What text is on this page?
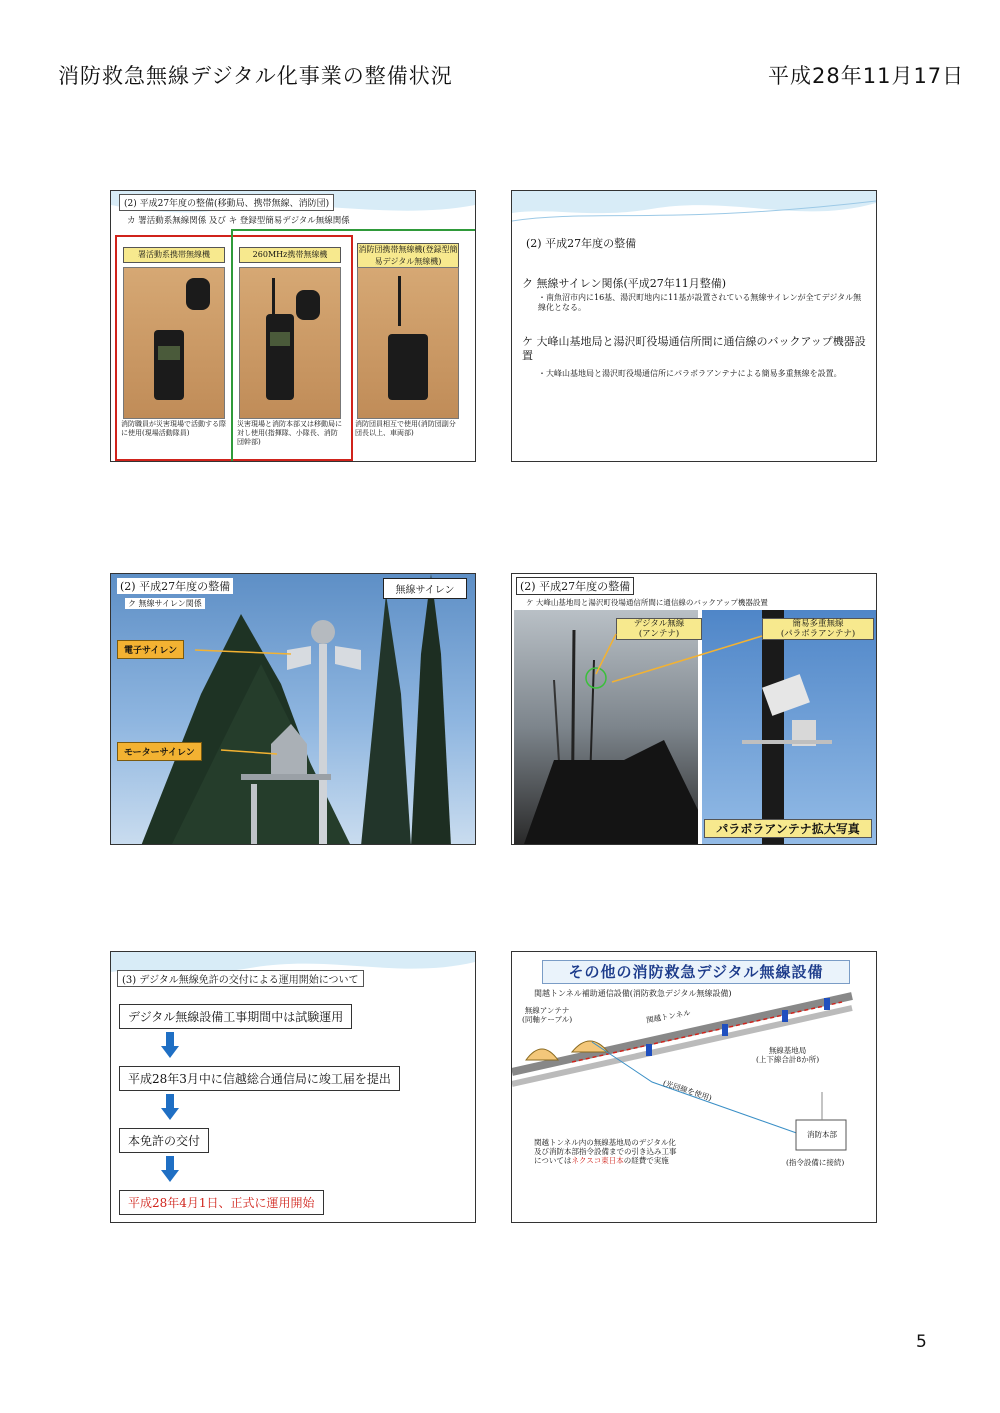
消防救急無線デジタル化事業の整備状況	平成28年11月17日
(2) 平成27年度の整備(移動局、携帯無線、消防団)
カ 署活動系無線関係 及び キ 登録型簡易デジタル無線関係
署活動系携帯無線機
消防職員が災害現場で活動する際に使用(現場活動隊員)
260MHz携帯無線機
災害現場と消防本部又は移動局に対し使用(指揮隊、小隊長、消防団幹部)
消防団携帯無線機(登録型簡易デジタル無線機)
消防団員相互で使用(消防団副分団長以上、車両部)
(2) 平成27年度の整備
ク 無線サイレン関係(平成27年11月整備)
・南魚沼市内に16基、湯沢町地内に11基が設置されている無線サイレンが全てデジタル無線化となる。
ケ 大峰山基地局と湯沢町役場通信所間に通信線のバックアップ機器設置
・大峰山基地局と湯沢町役場通信所にパラボラアンテナによる簡易多重無線を設置。
(2) 平成27年度の整備
ク 無線サイレン関係
無線サイレン
電子サイレン
モーターサイレン
(2) 平成27年度の整備
ケ 大峰山基地局と湯沢町役場通信所間に通信線のバックアップ機器設置
デジタル無線
(アンテナ)
簡易多重無線
(パラボラアンテナ)
パラボラアンテナ拡大写真
(3) デジタル無線免許の交付による運用開始について
デジタル無線設備工事期間中は試験運用
平成28年3月中に信越総合通信局に竣工届を提出
本免許の交付
平成28年4月1日、正式に運用開始
その他の消防救急デジタル無線設備
関越トンネル補助通信設備(消防救急デジタル無線設備)
無線アンテナ
(同軸ケーブル)	関越トンネル
無線基地局
(上下線合計8か所)
(光回線を使用)
消防本部
(指令設備に接続)
関越トンネル内の無線基地局のデジタル化
及び消防本部指令設備までの引き込み工事
についてはネクスコ東日本の経費で実施
5
